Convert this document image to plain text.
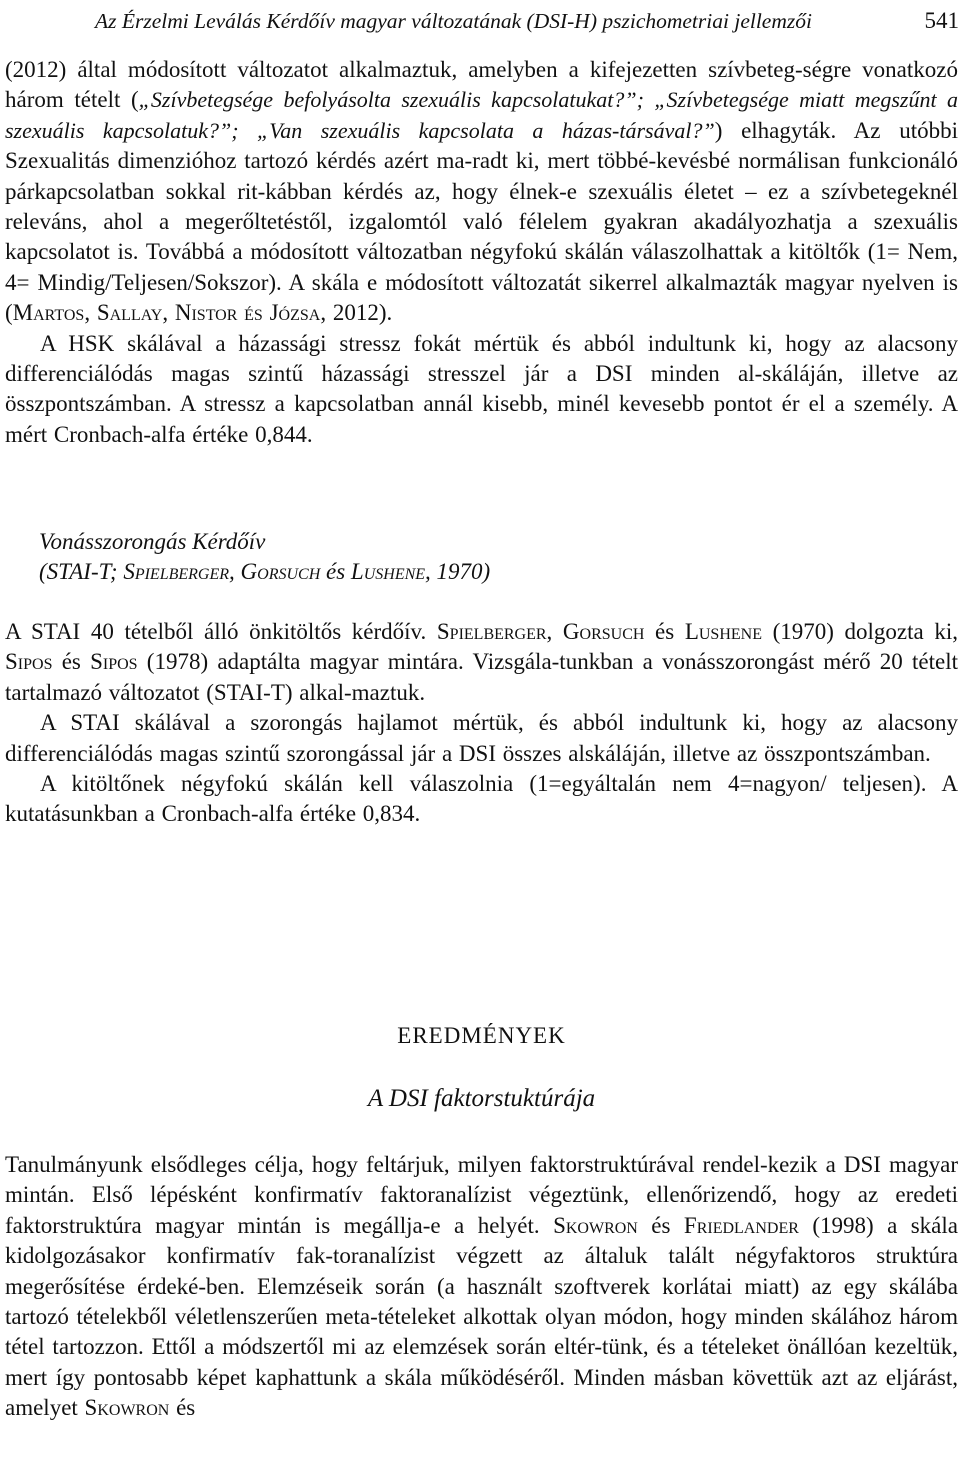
Az Érzelmi Leválás Kérdőív magyar változatának (DSI-H) pszichometriai jellemzői	541

(2012) által módosított változatot alkalmaztuk, amelyben a kifejezetten szívbeteg-ségre vonatkozó három tételt („Szívbetegsége befolyásolta szexuális kapcsolatukat?”; „Szívbetegsége miatt megszűnt a szexuális kapcsolatuk?”; „Van szexuális kapcsolata a házas-társával?”) elhagyták. Az utóbbi Szexualitás dimenzióhoz tartozó kérdés azért ma-radt ki, mert többé-kevésbé normálisan funkcionáló párkapcsolatban sokkal rit-kábban kérdés az, hogy élnek-e szexuális életet – ez a szívbetegeknél releváns, ahol a megerőltetéstől, izgalomtól való félelem gyakran akadályozhatja a szexuális kapcsolatot is. Továbbá a módosított változatban négyfokú skálán válaszolhattak a kitöltők (1= Nem, 4= Mindig/Teljesen/Sokszor). A skála e módosított változatát sikerrel alkalmazták magyar nyelven is (Martos, Sallay, Nistor és Józsa, 2012).

A HSK skálával a házassági stressz fokát mértük és abból indultunk ki, hogy az alacsony differenciálódás magas szintű házassági stresszel jár a DSI minden al-skáláján, illetve az összpontszámban. A stressz a kapcsolatban annál kisebb, minél kevesebb pontot ér el a személy. A mért Cronbach-alfa értéke 0,844.

Vonásszorongás Kérdőív
(STAI-T; Spielberger, Gorsuch és Lushene, 1970)

A STAI 40 tételből álló önkitöltős kérdőív. Spielberger, Gorsuch és Lushene (1970) dolgozta ki, Sipos és Sipos (1978) adaptálta magyar mintára. Vizsgála-tunkban a vonásszorongást mérő 20 tételt tartalmazó változatot (STAI-T) alkal-maztuk.

A STAI skálával a szorongás hajlamot mértük, és abból indultunk ki, hogy az alacsony differenciálódás magas szintű szorongással jár a DSI összes alskáláján, illetve az összpontszámban.

A kitöltőnek négyfokú skálán kell válaszolnia (1=egyáltalán nem 4=nagyon/ teljesen). A kutatásunkban a Cronbach-alfa értéke 0,834.

EREDMÉNYEK
A DSI faktorstuktúrája

Tanulmányunk elsődleges célja, hogy feltárjuk, milyen faktorstruktúrával rendel-kezik a DSI magyar mintán. Első lépésként konfirmatív faktoranalízist végeztünk, ellenőrizendő, hogy az eredeti faktorstruktúra magyar mintán is megállja-e a helyét. Skowron és Friedlander (1998) a skála kidolgozásakor konfirmatív fak-toranalízist végzett az általuk talált négyfaktoros struktúra megerősítése érdeké-ben. Elemzéseik során (a használt szoftverek korlátai miatt) az egy skálába tartozó tételekből véletlenszerűen meta-tételeket alkottak olyan módon, hogy minden skálához három tétel tartozzon. Ettől a módszertől mi az elemzések során eltér-tünk, és a tételeket önállóan kezeltük, mert így pontosabb képet kaphattunk a skála működéséről. Minden másban követtük azt az eljárást, amelyet Skowron és
